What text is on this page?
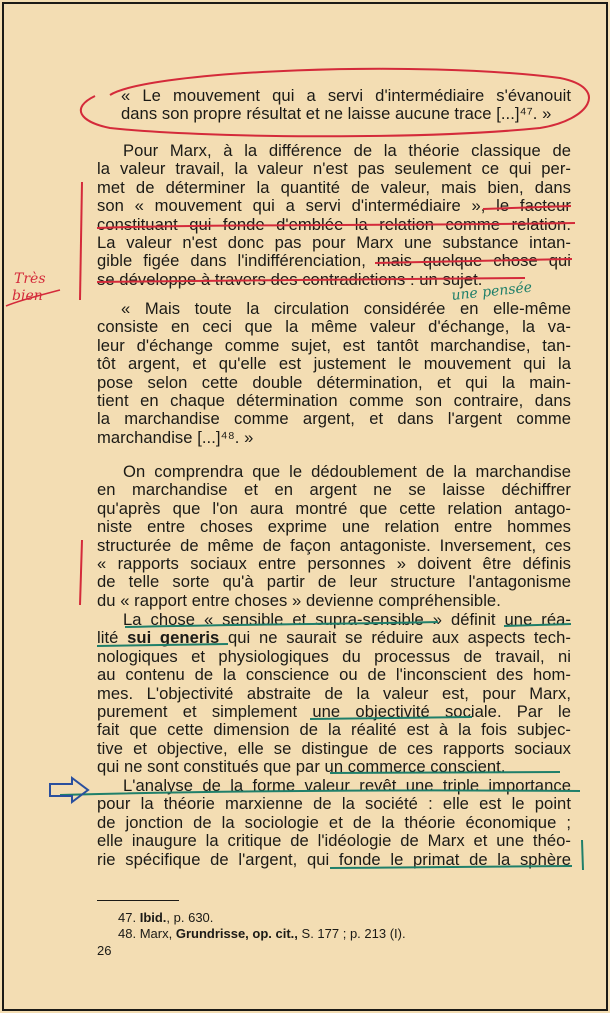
« Le mouvement qui a servi d'intermédiaire s'évanouit
dans son propre résultat et ne laisse aucune trace [...]⁴⁷. »
Pour Marx, à la différence de la théorie classique de
la valeur travail, la valeur n'est pas seulement ce qui per-
met de déterminer la quantité de valeur, mais bien, dans
son « mouvement qui a servi d'intermédiaire », le facteur
constituant qui fonde d'emblée la relation comme relation.
La valeur n'est donc pas pour Marx une substance intan-
gible figée dans l'indifférenciation, mais quelque chose qui
se développe à travers des contradictions : un sujet.
« Mais toute la circulation considérée en elle-même
consiste en ceci que la même valeur d'échange, la va-
leur d'échange comme sujet, est tantôt marchandise, tan-
tôt argent, et qu'elle est justement le mouvement qui la
pose selon cette double détermination, et qui la main-
tient en chaque détermination comme son contraire, dans
la marchandise comme argent, et dans l'argent comme
marchandise [...]⁴⁸. »
On comprendra que le dédoublement de la marchandise
en marchandise et en argent ne se laisse déchiffrer
qu'après que l'on aura montré que cette relation antago-
niste entre choses exprime une relation entre hommes
structurée de même de façon antagoniste. Inversement, ces
« rapports sociaux entre personnes » doivent être définis
de telle sorte qu'à partir de leur structure l'antagonisme
du « rapport entre choses » devienne compréhensible.
La chose « sensible et supra-sensible » définit une réa-
lité sui generis qui ne saurait se réduire aux aspects tech-
nologiques et physiologiques du processus de travail, ni
au contenu de la conscience ou de l'inconscient des hom-
mes. L'objectivité abstraite de la valeur est, pour Marx,
purement et simplement une objectivité sociale. Par le
fait que cette dimension de la réalité est à la fois subjec-
tive et objective, elle se distingue de ces rapports sociaux
qui ne sont constitués que par un commerce conscient.
L'analyse de la forme valeur revêt une triple importance
pour la théorie marxienne de la société : elle est le point
de jonction de la sociologie et de la théorie économique ;
elle inaugure la critique de l'idéologie de Marx et une théo-
rie spécifique de l'argent, qui fonde le primat de la sphère
47. Ibid., p. 630.
48. Marx, Grundrisse, op. cit., S. 177 ; p. 213 (I).
26
Très
bien	une pensée
